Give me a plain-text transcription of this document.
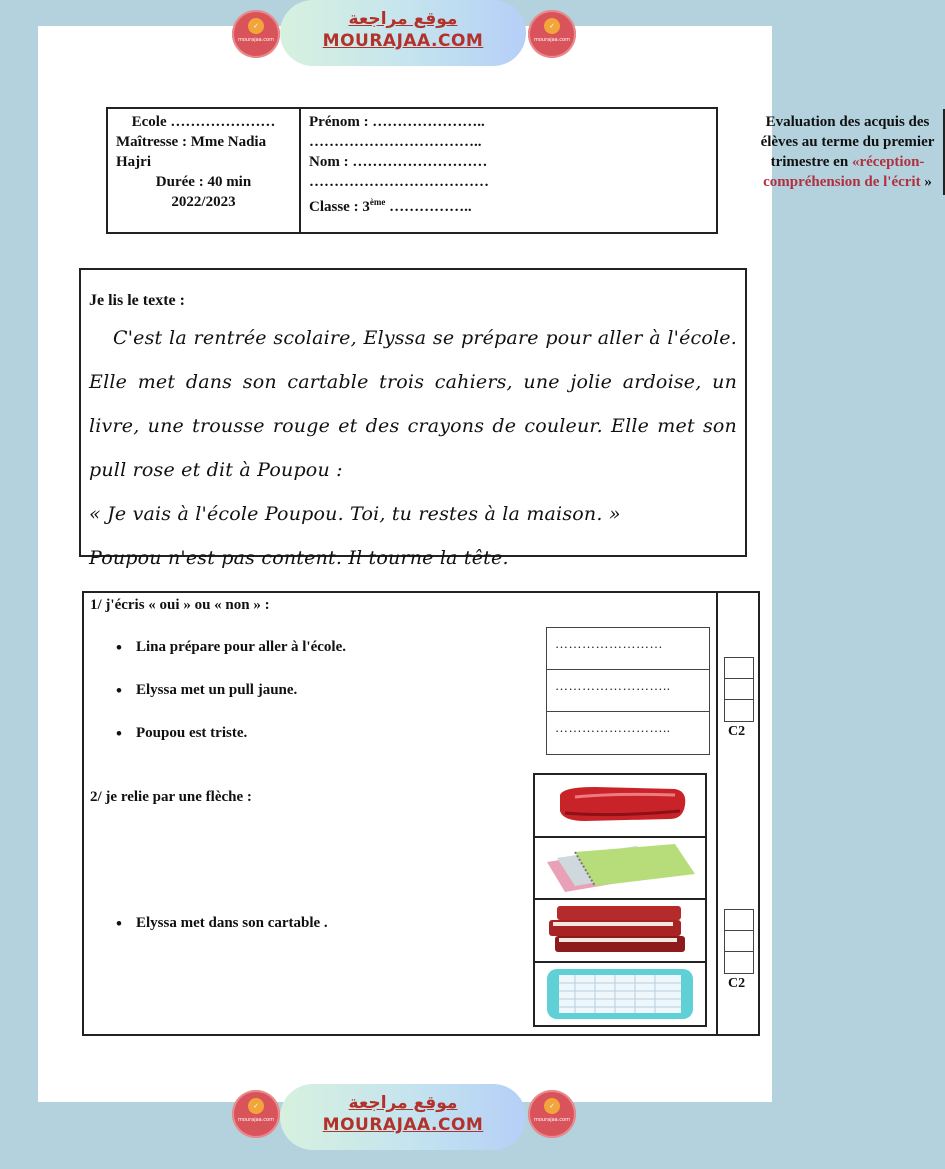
✓
mourajaa.com
موقع مراجعة
MOURAJAA.COM
✓
mourajaa.com
Ecole …………………
Maîtresse : Mme Nadia Hajri
Durée : 40 min
2022/2023
Evaluation des acquis des élèves au terme du premier trimestre en «réception-compréhension de l'écrit »
Prénom : …………………..
……………………………..
Nom : ………………………
………………………………
Classe : 3ème ……………..
Je lis le texte :

C'est la rentrée scolaire, Elyssa se prépare pour aller à l'école. Elle met dans son cartable trois cahiers, une jolie ardoise, un livre, une trousse rouge et des crayons de couleur. Elle met son pull rose et dit à Poupou :

« Je vais à l'école Poupou. Toi, tu restes à la maison. »

Poupou n'est pas content. Il tourne la tête.

1/ j'écris « oui » ou « non » :
• Lina prépare pour aller à l'école.
• Elyssa met un pull jaune.
• Poupou est triste.
……………………
……………………..
……………………..	C2
2/ je relie par une flèche :
• Elyssa met dans son cartable .
C2
✓
mourajaa.com
موقع مراجعة
MOURAJAA.COM
✓
mourajaa.com
